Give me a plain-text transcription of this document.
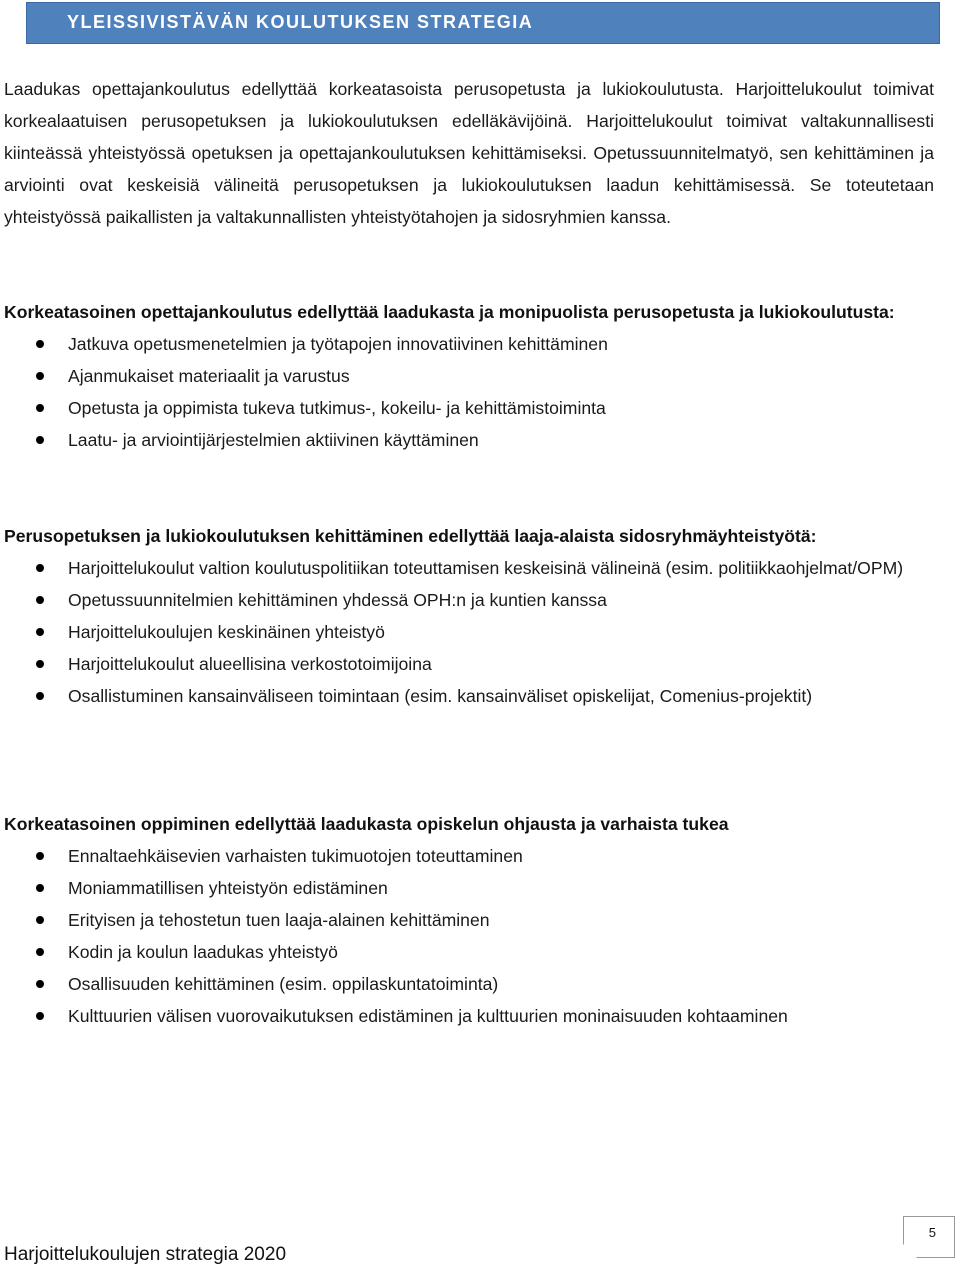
YLEISSIVISTÄVÄN KOULUTUKSEN STRATEGIA

Laadukas opettajankoulutus edellyttää korkeatasoista perusopetusta ja lukiokoulutusta. Harjoittelukoulut toimivat korkealaatuisen perusopetuksen ja lukiokoulutuksen edelläkävijöinä. Harjoittelukoulut toimivat valtakunnallisesti kiinteässä yhteistyössä opetuksen ja opettajankoulutuksen kehittämiseksi. Opetussuunnitelmatyö, sen kehittäminen ja arviointi ovat keskeisiä välineitä perusopetuksen ja lukiokoulutuksen laadun kehittämisessä. Se toteutetaan yhteistyössä paikallisten ja valtakunnallisten yhteistyötahojen ja sidosryhmien kanssa.

Korkeatasoinen opettajankoulutus edellyttää laadukasta ja monipuolista perusopetusta ja lukiokoulutusta:
Jatkuva opetusmenetelmien ja työtapojen innovatiivinen kehittäminen
Ajanmukaiset materiaalit ja varustus
Opetusta ja oppimista tukeva tutkimus-, kokeilu- ja kehittämistoiminta
Laatu- ja arviointijärjestelmien aktiivinen käyttäminen
Perusopetuksen ja lukiokoulutuksen kehittäminen edellyttää laaja-alaista sidosryhmäyhteistyötä:
Harjoittelukoulut valtion koulutuspolitiikan toteuttamisen keskeisinä välineinä (esim. politiikkaohjelmat/OPM)
Opetussuunnitelmien kehittäminen yhdessä OPH:n ja kuntien kanssa
Harjoittelukoulujen keskinäinen yhteistyö
Harjoittelukoulut alueellisina verkostotoimijoina
Osallistuminen kansainväliseen toimintaan (esim. kansainväliset opiskelijat, Comenius-projektit)
Korkeatasoinen oppiminen edellyttää laadukasta opiskelun ohjausta ja varhaista tukea
Ennaltaehkäisevien varhaisten tukimuotojen toteuttaminen
Moniammatillisen yhteistyön edistäminen
Erityisen ja tehostetun tuen laaja-alainen kehittäminen
Kodin ja koulun laadukas yhteistyö
Osallisuuden kehittäminen (esim. oppilaskuntatoiminta)
Kulttuurien välisen vuorovaikutuksen edistäminen ja kulttuurien moninaisuuden kohtaaminen
Harjoittelukoulujen strategia 2020
5
